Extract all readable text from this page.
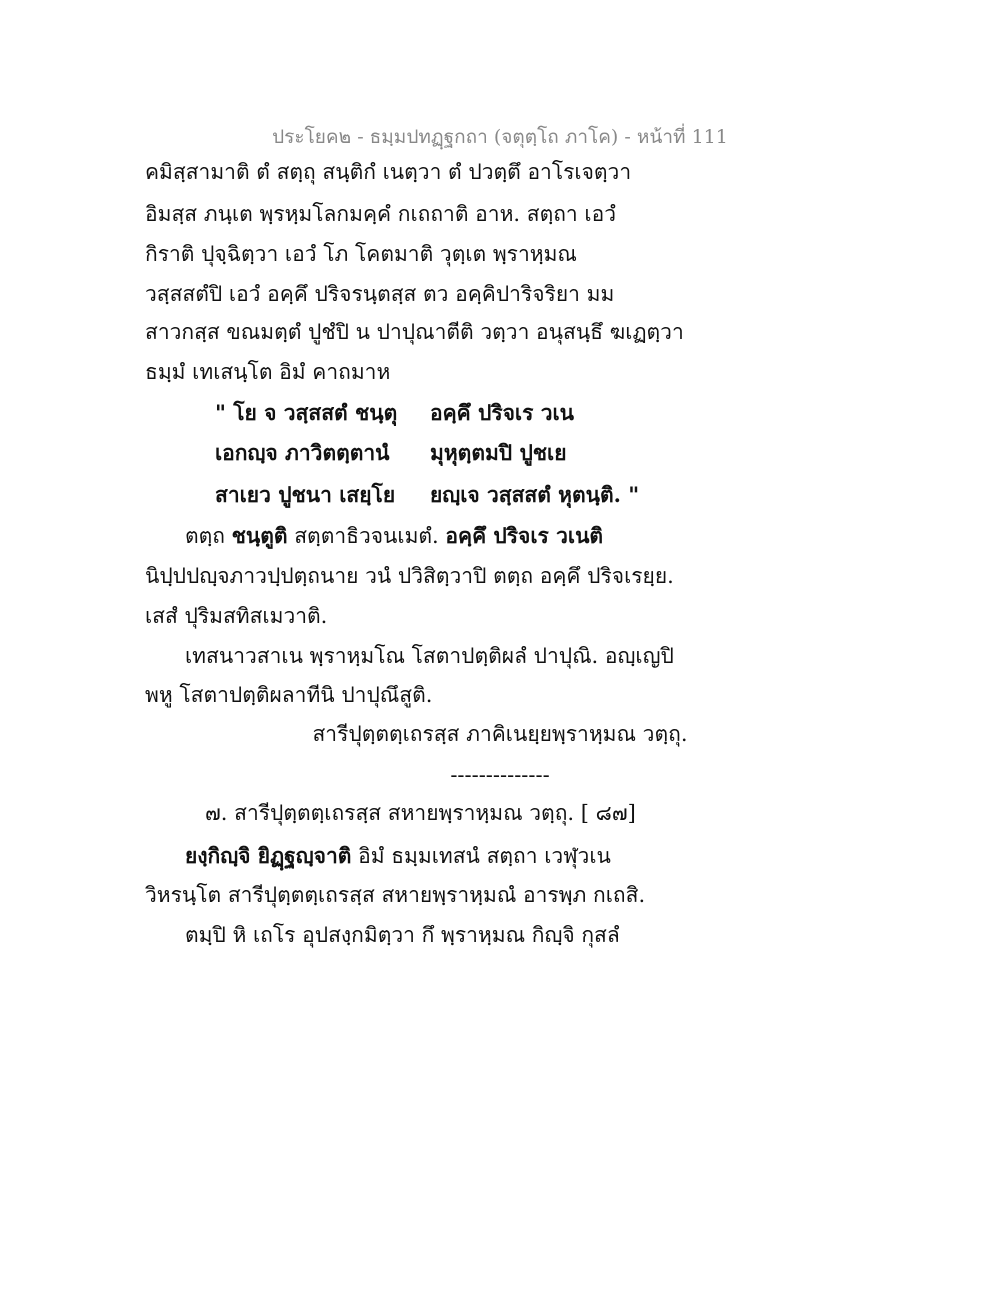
ประโยค๒ - ธมฺมปทฏฺฐกถา (จตุตฺโถ ภาโค) - หน้าที่ 111
คมิสฺสามาติ ตํ สตฺถุ สนฺติกํ เนตฺวา ตํ ปวตฺตึ อาโรเจตฺวา
อิมสฺส ภนฺเต พฺรหฺมโลกมคฺคํ กเถถาติ อาห. สตฺถา เอวํ
กิราติ ปุจฺฉิตฺวา เอวํ โภ โคตมาติ วุตฺเต พฺราหฺมณ
วสฺสสตํปิ เอวํ อคฺคึ ปริจรนฺตสฺส ตว อคฺคิปาริจริยา มม
สาวกสฺส ขณมตฺตํ ปูชํปิ น ปาปุณาตีติ วตฺวา อนุสนฺธึ ฆเฏตฺวา
ธมฺมํ เทเสนฺโต อิมํ คาถมาห
" โย จ วสฺสสตํ ชนฺตุ อคฺคึ ปริจเร วเน
เอกญฺจ ภาวิตตฺตานํ มุหุตฺตมปิ ปูชเย
สาเยว ปูชนา เสยฺโย ยญฺเจ วสฺสสตํ หุตนฺติ. "
ตตฺถ ชนฺตูติ สตฺตาธิวจนเมตํ. อคฺคึ ปริจเร วเนติ
นิปฺปปญฺจภาวปฺปตฺถนาย วนํ ปวิสิตฺวาปิ ตตฺถ อคฺคึ ปริจเรยฺย.
เสสํ ปุริมสทิสเมวาติ.
เทสนาวสาเน พฺราหฺมโณ โสตาปตฺติผลํ ปาปุณิ. อญฺเญปิ
พหู โสตาปตฺติผลาทีนิ ปาปุณึสูติ.
สารีปุตฺตตฺเถรสฺส ภาคิเนยฺยพฺราหฺมณ วตฺถุ.
--------------
๗. สารีปุตฺตตฺเถรสฺส สหายพฺราหฺมณ วตฺถุ. [ ๘๗]
ยงฺกิญฺจิ ยิฏฺฐญฺจาติ อิมํ ธมฺมเทสนํ สตฺถา เวฬุวเน
วิหรนฺโต สารีปุตฺตตฺเถรสฺส สหายพฺราหฺมณํ อารพฺภ กเถสิ.
ตมฺปิ หิ เถโร อุปสงฺกมิตฺวา กึ พฺราหฺมณ กิญฺจิ กุสลํ
